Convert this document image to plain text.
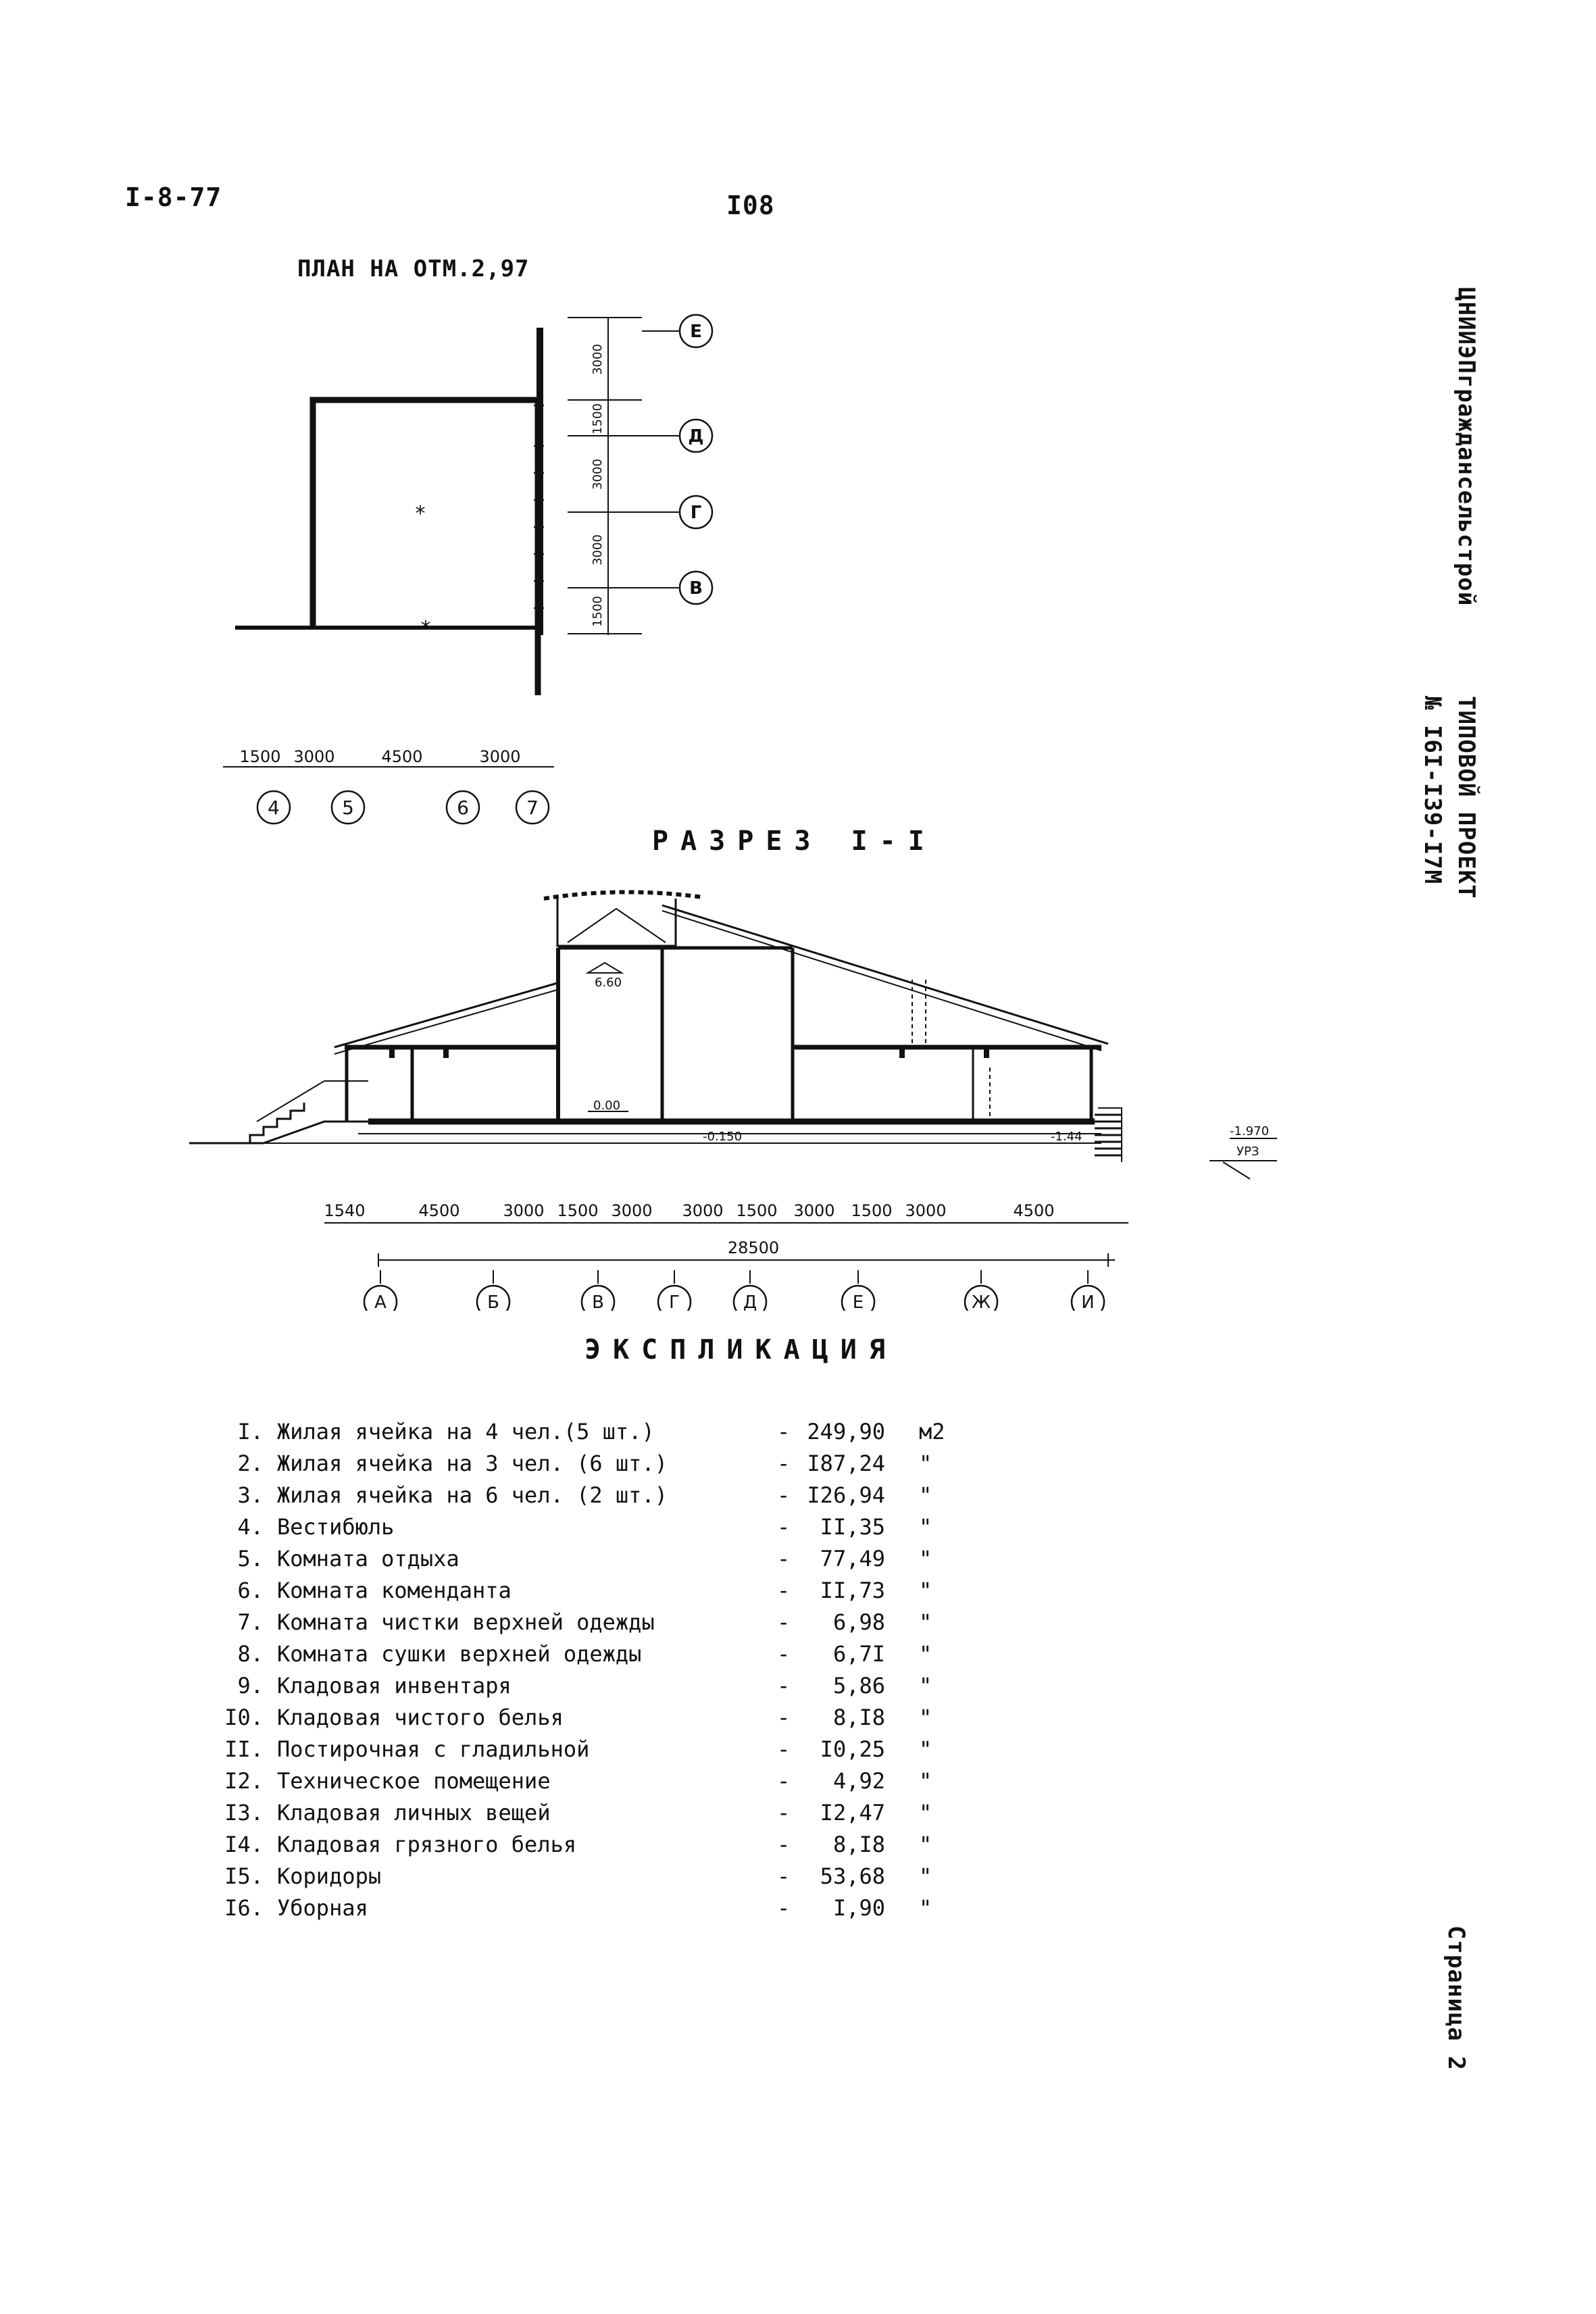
I-8-77	I08
ЦНИИЭПграждансельстрой
ТИПОВОЙ ПРОЕКТ
№ I6I-I39-I7М
Страница 2
ПЛАН НА ОТМ.2,97
Е
Д
Г
В
3000
1500
3000
3000
1500
*
*
1500 3000	4500	3000
4	5	6	7
РАЗРЕЗ I-I
6.60
0.00
-0.150	-1.44	-1.970
УРЗ
1540	4500	3000 1500 3000 3000 1500 3000 1500 3000	4500
28500
А	Б	В	Г	Д	Е	Ж	И
ЭКСПЛИКАЦИЯ
I. Жилая ячейка на 4 чел.(5 шт.)	- 249,90 м2
2. Жилая ячейка на 3 чел. (6 шт.)	- I87,24 "
3. Жилая ячейка на 6 чел. (2 шт.)	- I26,94 "
4. Вестибюль	-	II,35 "
5. Комната отдыха	-	77,49 "
6. Комната коменданта	-	II,73 "
7. Комната чистки верхней одежды	-	6,98 "
8. Комната сушки верхней одежды	-	6,7I "
9. Кладовая инвентаря	-	5,86 "
I0. Кладовая чистого белья	-	8,I8 "
II. Постирочная с гладильной	-	I0,25 "
I2. Техническое помещение	-	4,92 "
I3. Кладовая личных вещей	-	I2,47 "
I4. Кладовая грязного белья	-	8,I8 "
I5. Коридоры	-	53,68 "
I6. Уборная	-	I,90 "
